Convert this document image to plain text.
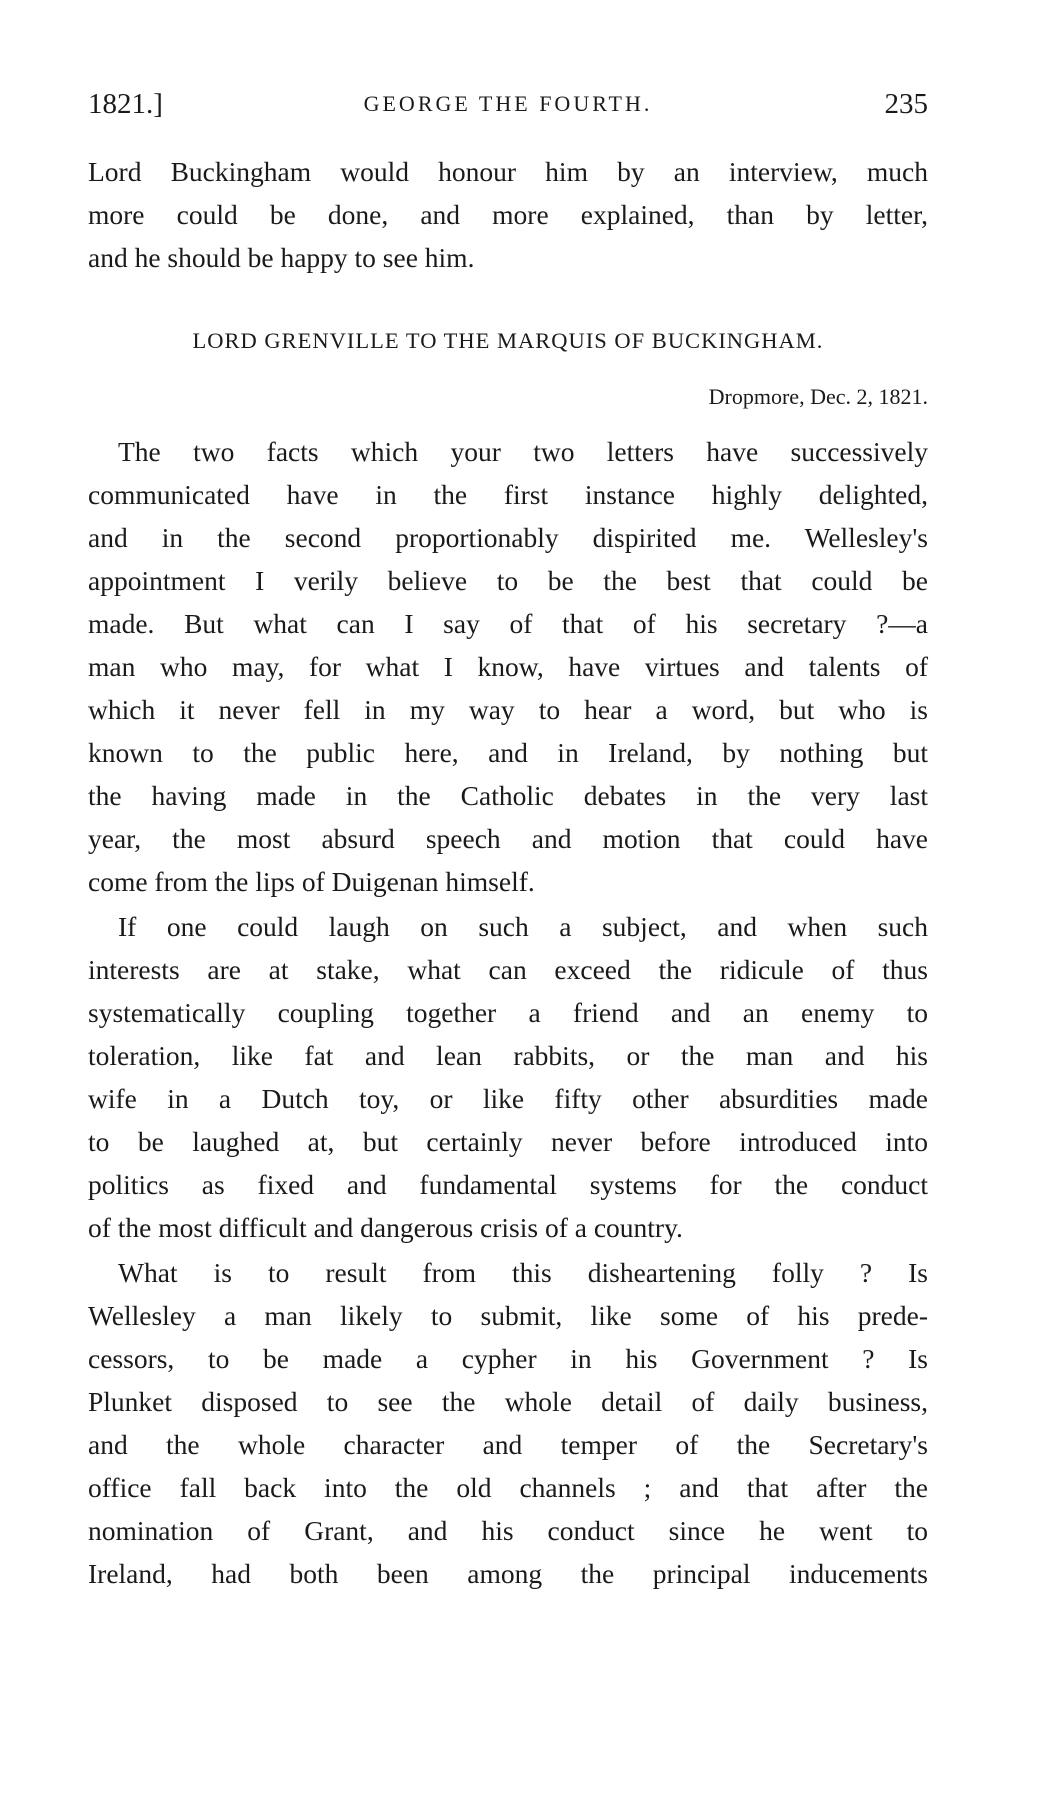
1821.]	GEORGE THE FOURTH.	235
Lord Buckingham would honour him by an interview, much
more could be done, and more explained, than by letter,
and he should be happy to see him.
LORD GRENVILLE TO THE MARQUIS OF BUCKINGHAM.
Dropmore, Dec. 2, 1821.
The two facts which your two letters have successively
communicated have in the first instance highly delighted,
and in the second proportionably dispirited me. Wellesley's
appointment I verily believe to be the best that could be
made. But what can I say of that of his secretary ?—a
man who may, for what I know, have virtues and talents of
which it never fell in my way to hear a word, but who is
known to the public here, and in Ireland, by nothing but
the having made in the Catholic debates in the very last
year, the most absurd speech and motion that could have
come from the lips of Duigenan himself.
If one could laugh on such a subject, and when such
interests are at stake, what can exceed the ridicule of thus
systematically coupling together a friend and an enemy to
toleration, like fat and lean rabbits, or the man and his
wife in a Dutch toy, or like fifty other absurdities made
to be laughed at, but certainly never before introduced into
politics as fixed and fundamental systems for the conduct
of the most difficult and dangerous crisis of a country.
What is to result from this disheartening folly ? Is
Wellesley a man likely to submit, like some of his prede-
cessors, to be made a cypher in his Government ? Is
Plunket disposed to see the whole detail of daily business,
and the whole character and temper of the Secretary's
office fall back into the old channels ; and that after the
nomination of Grant, and his conduct since he went to
Ireland, had both been among the principal inducements
